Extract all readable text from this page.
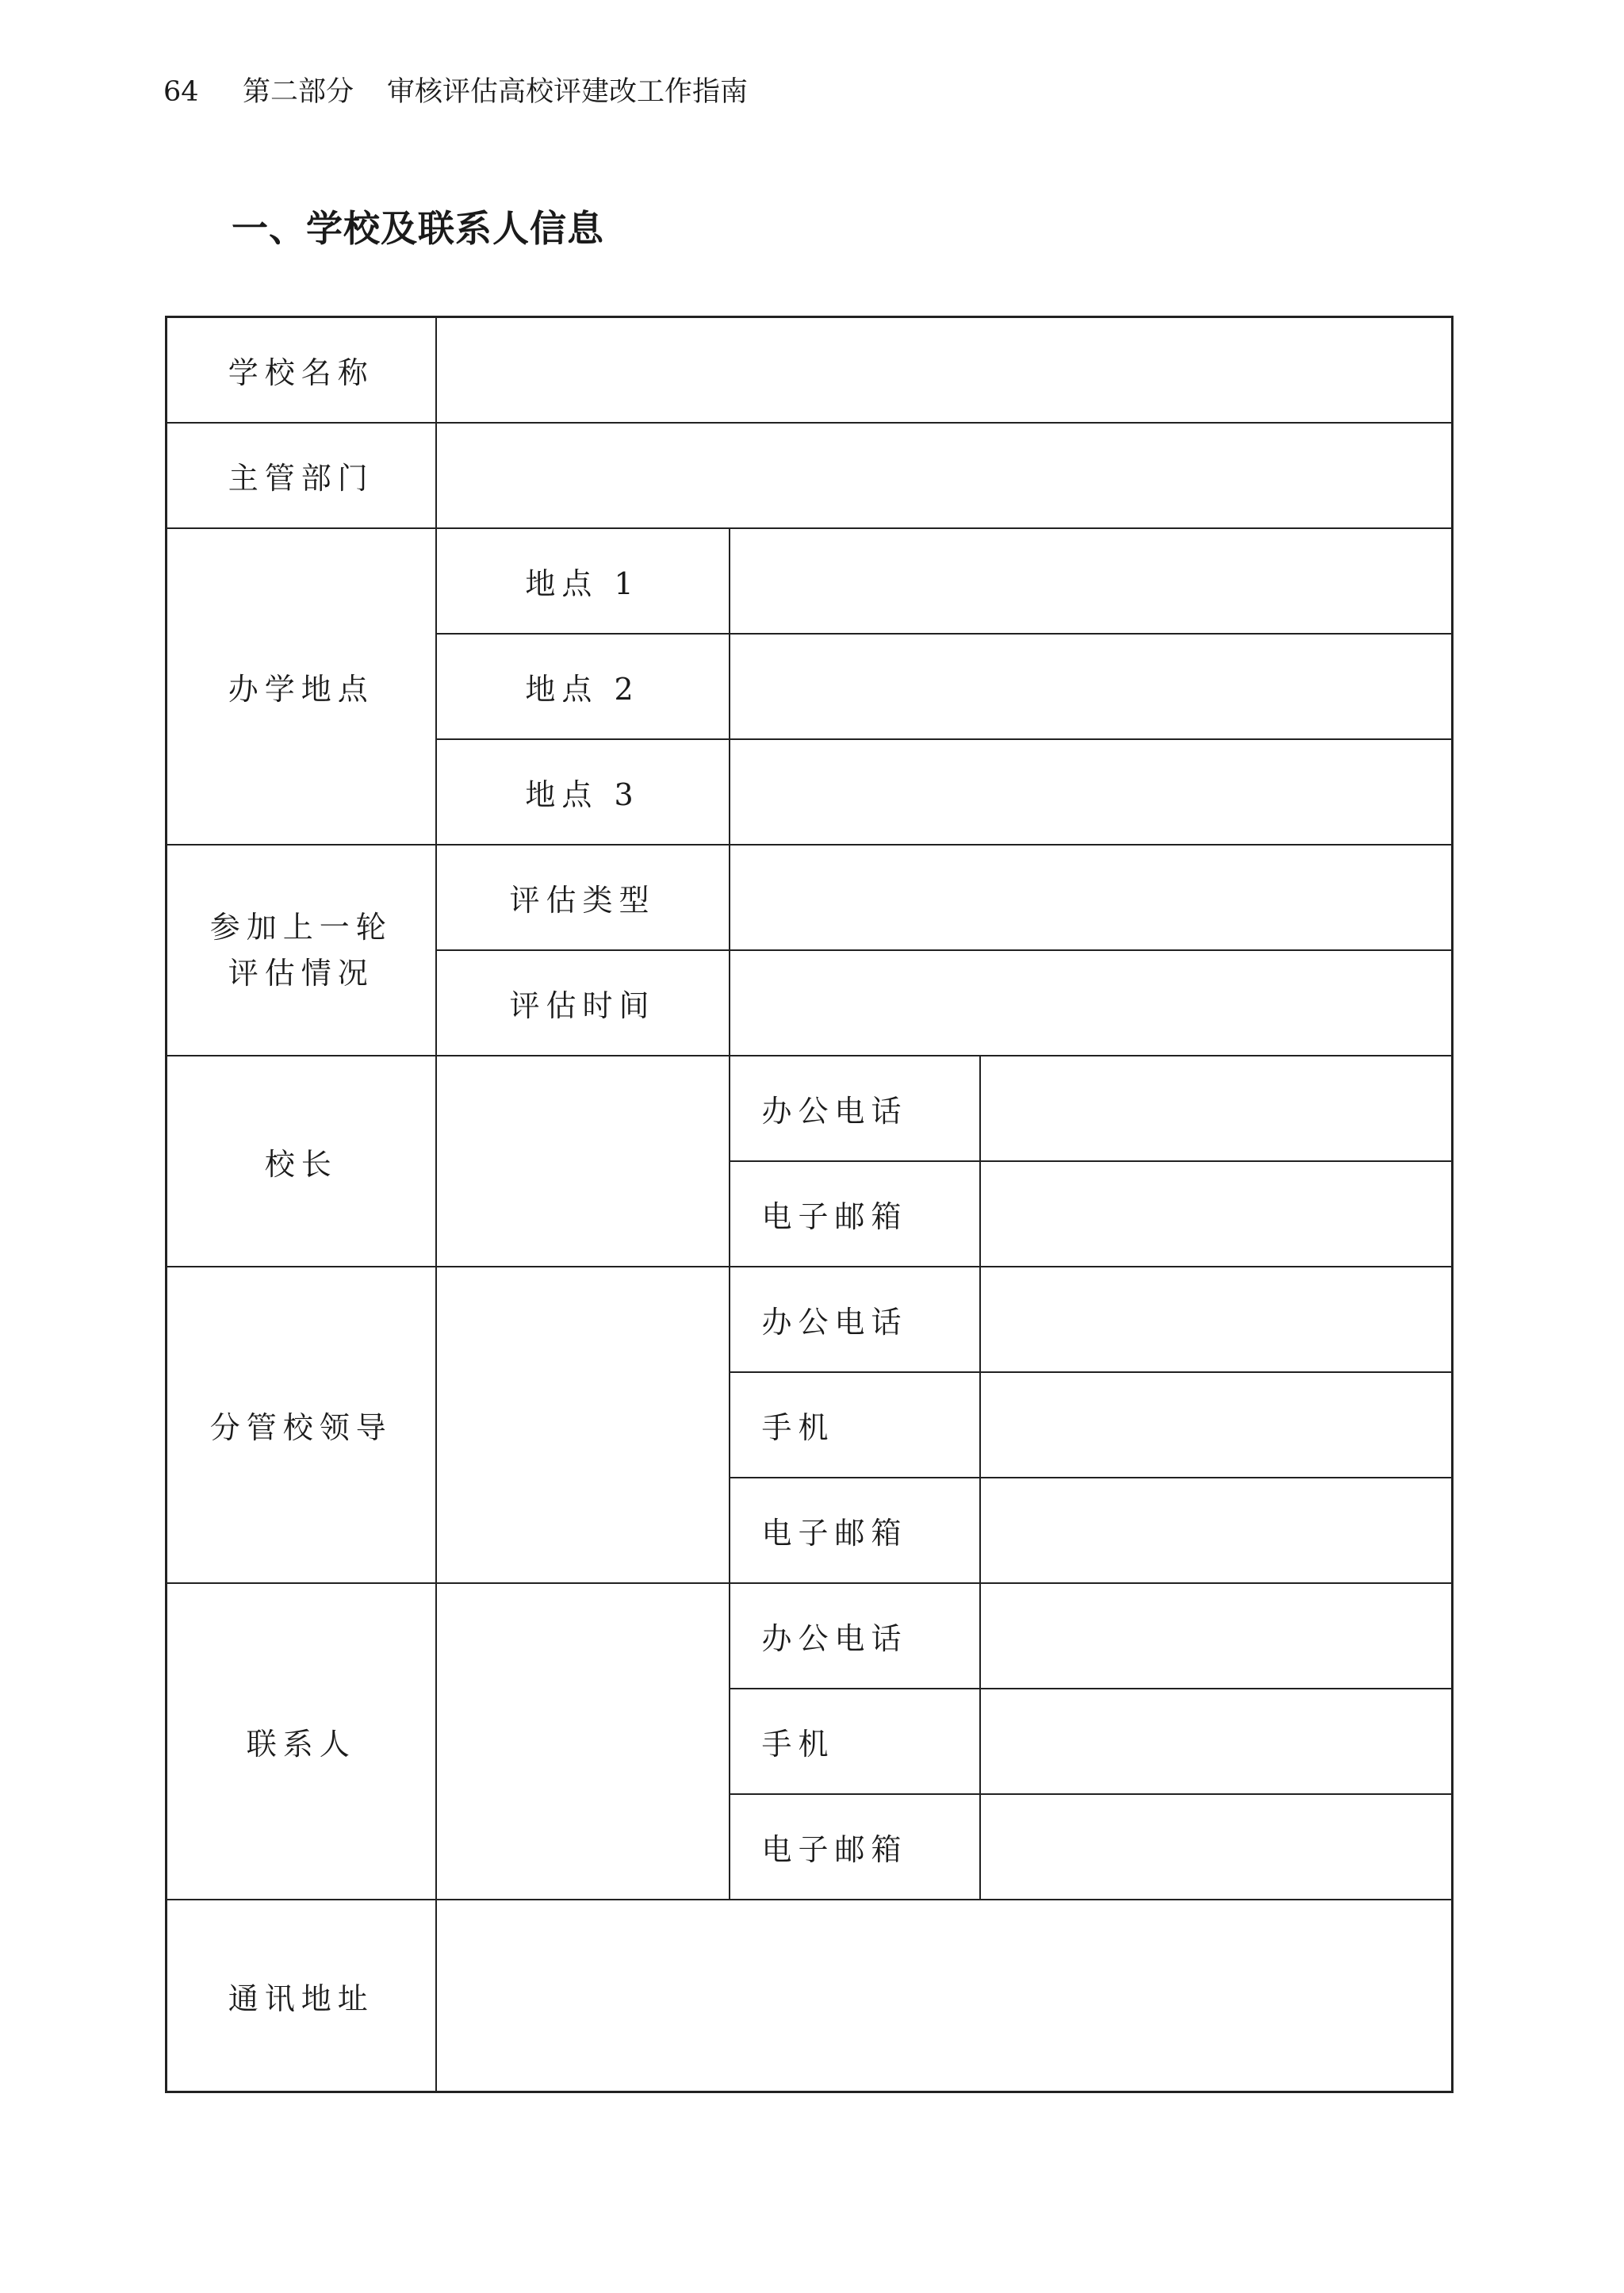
64 第二部分 审核评估高校评建改工作指南
一、学校及联系人信息
学校名称			
主管部门			
办学地点	地点 1		
	地点 2		
	地点 3		

参加上一轮
评估情况	评估类型		
	评估时间		
校长		办公电话	
		电子邮箱	
分管校领导		办公电话	
		手机	
		电子邮箱	
联系人		办公电话	
		手机	
		电子邮箱	
通讯地址			
